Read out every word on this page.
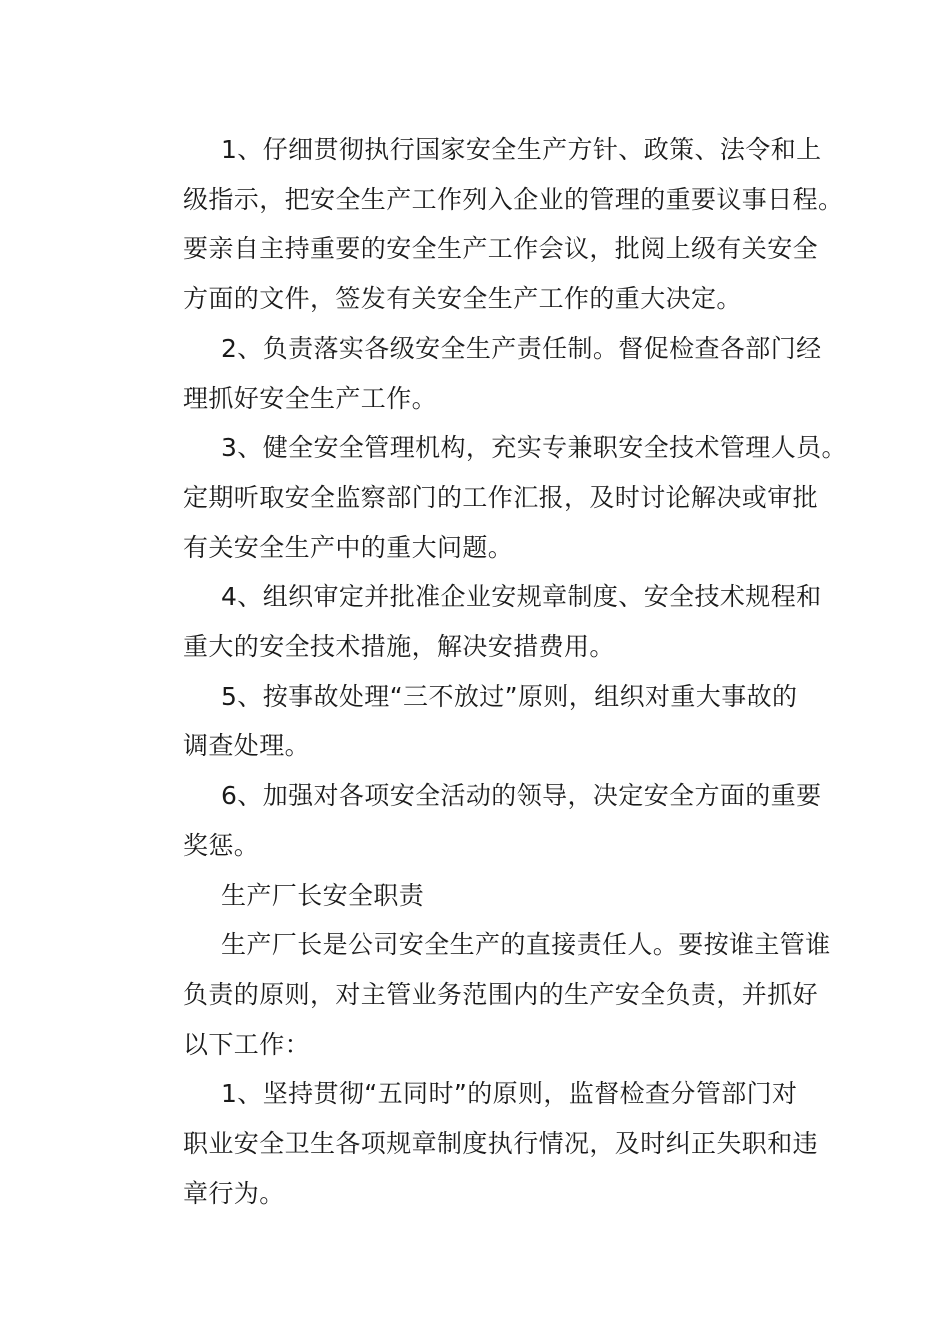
1、仔细贯彻执行国家安全生产方针、政策、法令和上
级指示，把安全生产工作列入企业的管理的重要议事日程。
要亲自主持重要的安全生产工作会议，批阅上级有关安全
方面的文件，签发有关安全生产工作的重大决定。
2、负责落实各级安全生产责任制。督促检查各部门经
理抓好安全生产工作。
3、健全安全管理机构，充实专兼职安全技术管理人员。
定期听取安全监察部门的工作汇报，及时讨论解决或审批
有关安全生产中的重大问题。
4、组织审定并批准企业安规章制度、安全技术规程和
重大的安全技术措施，解决安措费用。
5、按事故处理“三不放过”原则，组织对重大事故的
调查处理。
6、加强对各项安全活动的领导，决定安全方面的重要
奖惩。
生产厂长安全职责
生产厂长是公司安全生产的直接责任人。要按谁主管谁
负责的原则，对主管业务范围内的生产安全负责，并抓好
以下工作：
1、坚持贯彻“五同时”的原则，监督检查分管部门对
职业安全卫生各项规章制度执行情况，及时纠正失职和违
章行为。
